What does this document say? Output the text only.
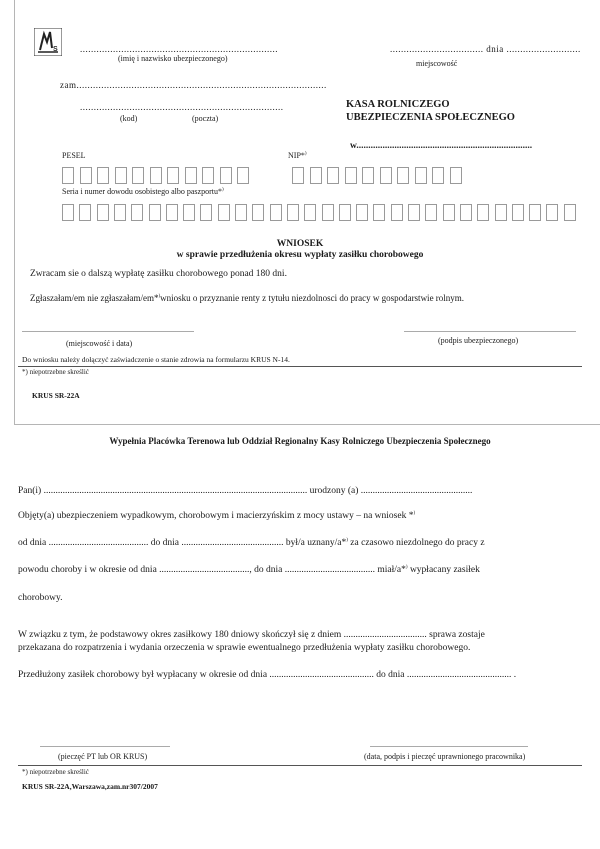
S ........................................................................
(imię i nazwisko ubezpieczonego)
.................................. dnia ...........................
miejscowość
zam...........................................................................................
..........................................................................
(kod)	(poczta)
KASA ROLNICZEGO
UBEZPIECZENIA SPOŁECZNEGO
w..........................................................................
PESEL	NIP*)
Seria i numer dowodu osobistego albo paszportu*)
WNIOSEK
w sprawie przedłużenia okresu wypłaty zasiłku chorobowego
Zwracam sie o dalszą wypłatę zasiłku chorobowego ponad 180 dni.
Zgłaszałam/em nie zgłaszałam/em*)wniosku o przyznanie renty z tytułu niezdolnosci do pracy w gospodarstwie rolnym.
......................................................................................
(miejscowość i data)
......................................................................................
(podpis ubezpieczonego)
Do wniosku należy dołączyć zaświadczenie o stanie zdrowia na formularzu KRUS N-14.
*) niepotrzebne skreślić
KRUS SR-22A
Wypełnia Placówka Terenowa lub Oddział Regionalny Kasy Rolniczego Ubezpieczenia Społecznego
Pan(i) ............................................................................................................... urodzony (a) ...............................................
Objęty(a) ubezpieczeniem wypadkowym, chorobowym i macierzyńskim z mocy ustawy – na wniosek *)
od dnia .......................................... do dnia ........................................... był/a uznany/a*) za czasowo niezdolnego do pracy z
powodu choroby i w okresie od dnia ......................................, do dnia ...................................... miał/a*) wypłacany zasiłek
chorobowy.
W związku z tym, że podstawowy okres zasiłkowy 180 dniowy skończył się z dniem ................................... sprawa zostaje
przekazana do rozpatrzenia i wydania orzeczenia w sprawie ewentualnego przedłużenia wypłaty zasiłku chorobowego.
Przedłużony zasiłek chorobowy był wypłacany w okresie od dnia ............................................ do dnia ............................................ .
.................................................................
(pieczęć PT lub OR KRUS)
...............................................................................
(data, podpis i pieczęć uprawnionego pracownika)
*) niepotrzebne skreślić
KRUS SR-22A,Warszawa,zam.nr307/2007
